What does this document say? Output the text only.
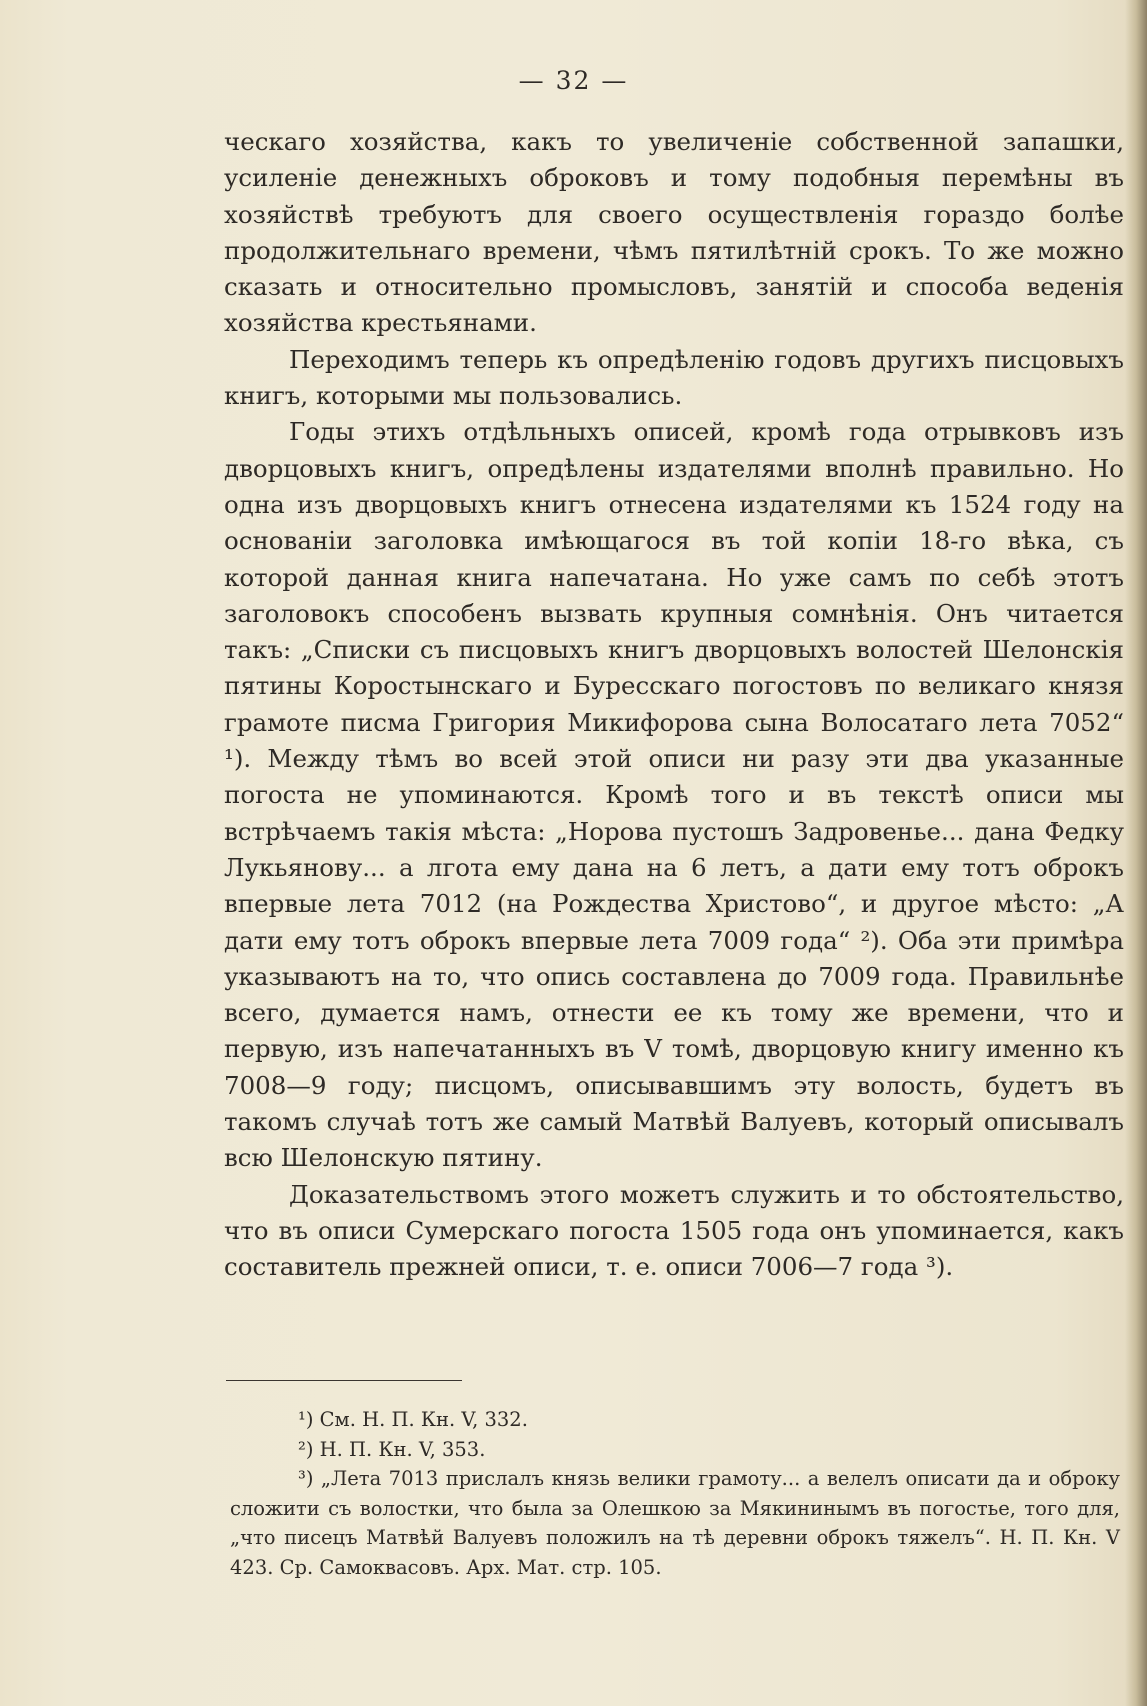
— 32 —

ческаго хозяйства, какъ то увеличенiе собственной запашки, усиленiе денежныхъ оброковъ и тому подобныя перемѣны въ хозяйствѣ требуютъ для своего осуществленiя гораздо болѣе продолжительнаго времени, чѣмъ пятилѣтнiй срокъ. То же можно сказать и относительно промысловъ, занятiй и способа веденiя хозяйства крестьянами.

Переходимъ теперь къ опредѣленiю годовъ другихъ писцовыхъ книгъ, которыми мы пользовались.

Годы этихъ отдѣльныхъ описей, кромѣ года отрывковъ изъ дворцовыхъ книгъ, опредѣлены издателями вполнѣ правильно. Но одна изъ дворцовыхъ книгъ отнесена издателями къ 1524 году на основанiи заголовка имѣющагося въ той копiи 18-го вѣка, съ которой данная книга напечатана. Но уже самъ по себѣ этотъ заголовокъ способенъ вызвать крупныя сомнѣнiя. Онъ читается такъ: „Списки съ писцовыхъ книгъ дворцовыхъ волостей Шелонскiя пятины Коростынскаго и Буресскаго погостовъ по великаго князя грамоте писма Григория Микифорова сына Волосатаго лета 7052“ ¹). Между тѣмъ во всей этой описи ни разу эти два указанные погоста не упоминаются. Кромѣ того и въ текстѣ описи мы встрѣчаемъ такiя мѣста: „Норова пустошъ Задровенье... дана Федку Лукьянову... а лгота ему дана на 6 летъ, а дати ему тотъ оброкъ впервые лета 7012 (на Рождества Христово“, и другое мѣсто: „А дати ему тотъ оброкъ впервые лета 7009 года“ ²). Оба эти примѣра указываютъ на то, что опись составлена до 7009 года. Правильнѣе всего, думается намъ, отнести ее къ тому же времени, что и первую, изъ напечатанныхъ въ V томѣ, дворцовую книгу именно къ 7008—9 году; писцомъ, описывавшимъ эту волость, будетъ въ такомъ случаѣ тотъ же самый Матвѣй Валуевъ, который описывалъ всю Шелонскую пятину.

Доказательствомъ этого можетъ служить и то обстоятельство, что въ описи Сумерскаго погоста 1505 года онъ упоминается, какъ составитель прежней описи, т. е. описи 7006—7 года ³).

¹) См. Н. П. Кн. V, 332.

²) Н. П. Кн. V, 353.

³) „Лета 7013 прислалъ князь велики грамоту... а велелъ описати да и оброку сложити съ волостки, что была за Олешкою за Мякининымъ въ погостье, того для, „что писецъ Матвѣй Валуевъ положилъ на тѣ деревни оброкъ тяжелъ“. Н. П. Кн. V 423. Ср. Самоквасовъ. Арх. Мат. стр. 105.
